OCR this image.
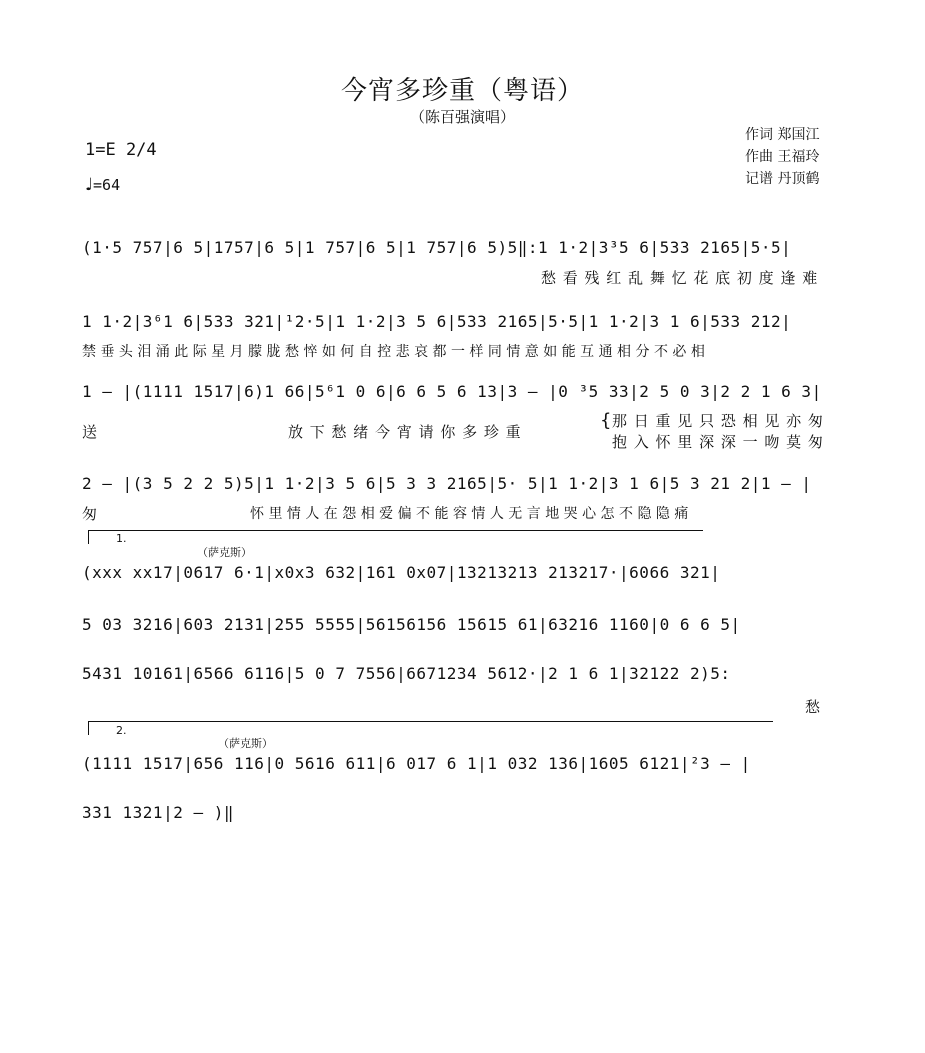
今宵多珍重（粤语）
（陈百强演唱）
1=E 2/4
♩=64
作词 郑国江
作曲 王福玲
记谱 丹顶鹤
(1·5 757|6 5|1757|6 5|1 757|6 5|1 757|6 5)5‖:1 1·2|3³5 6|533 2165|5·5|
愁 看 残 红 乱 舞 忆 花 底 初 度 逢 难
1 1·2|3⁶1 6|533 321|¹2·5|1 1·2|3 5 6|533 2165|5·5|1 1·2|3 1 6|533 212|
禁 垂 头 泪 涌 此 际 星 月 朦 胧 愁 悴 如 何 自 控 悲 哀 都 一 样 同 情 意 如 能 互 通 相 分 不 必 相
1 – |(1111 1517|6)1 66|5⁶1 0 6|6 6 5 6 13|3 – |0 ³5 33|2 5 0 3|2 2 1 6 3|
送	放 下 愁 绪 今 宵 请 你 多 珍 重
{ 那 日 重 见 只 恐 相 见 亦 匆
抱 入 怀 里 深 深 一 吻 莫 匆
2 – |(3 5 2 2 5)5|1 1·2|3 5 6|5 3 3 2165|5· 5|1 1·2|3 1 6|5 3 21 2|1 – |
匆	怀 里 情 人 在 怨 相 爱 偏 不 能 容 情 人 无 言 地 哭 心 怎 不 隐 隐 痛
1.
（萨克斯）
(xxx xx17|0617 6·1|x0x3 632|161 0x07|13213213 213217·|6066 321|
5 03 3216|603 2131|255 5555|56156156 15615 61|63216 1160|0 6 6 5|
5431 10161|6566 6116|5 0 7 7556|6671234 5612·|2 1 6 1|32122 2)5:
愁
2.
（萨克斯）
(1111 1517|656 116|0 5616 611|6 017 6 1|1 032 136|1605 6121|²3 – |
331 1321|2 – )‖
